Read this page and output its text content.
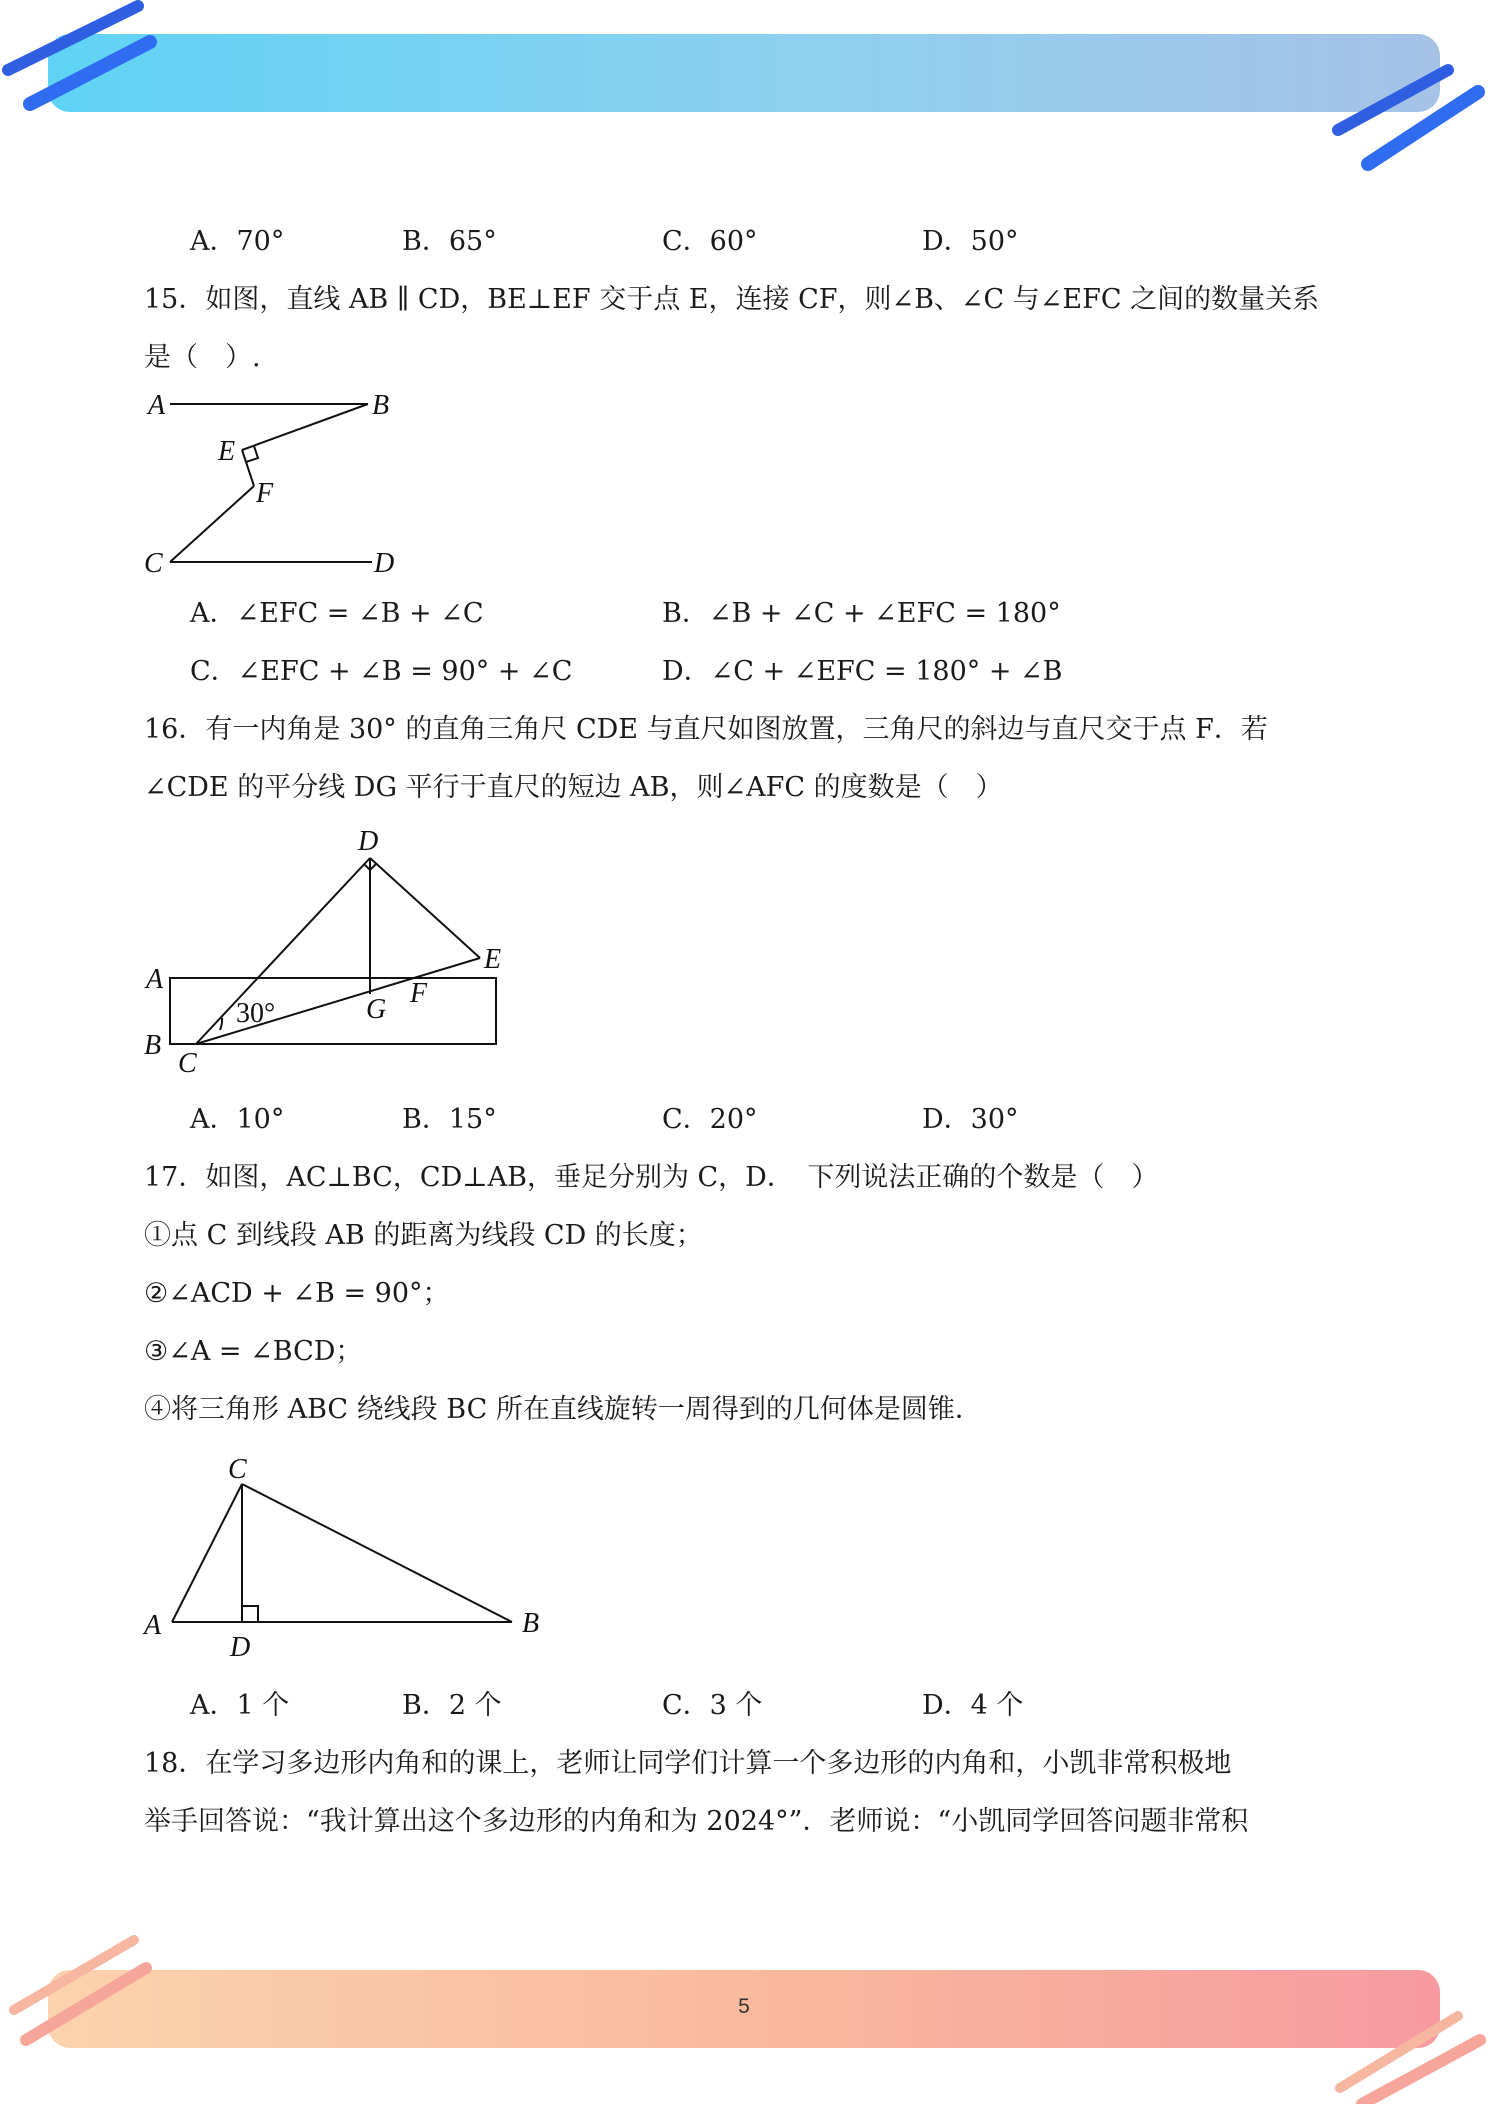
A．70°	B．65°	C．60°	D．50°
15．如图，直线 AB ∥ CD，BE⊥EF 交于点 E，连接 CF，则∠B、∠C 与∠EFC 之间的数量关系
是（　）.
A	B
E
F
C	D
A．∠EFC = ∠B + ∠C	B．∠B + ∠C + ∠EFC = 180°
C．∠EFC + ∠B = 90° + ∠C	D．∠C + ∠EFC = 180° + ∠B
16．有一内角是 30° 的直角三角尺 CDE 与直尺如图放置，三角尺的斜边与直尺交于点 F．若
∠CDE 的平分线 DG 平行于直尺的短边 AB，则∠AFC 的度数是（　）
D
A
E
30°	G
F
B
C
A．10°	B．15°	C．20°	D．30°
17．如图，AC⊥BC，CD⊥AB，垂足分别为 C，D．　下列说法正确的个数是（　）
①点 C 到线段 AB 的距离为线段 CD 的长度；
②∠ACD + ∠B = 90°；
③∠A = ∠BCD；
④将三角形 ABC 绕线段 BC 所在直线旋转一周得到的几何体是圆锥．
C
A
D
B
A．1 个	B．2 个	C．3 个	D．4 个
18．在学习多边形内角和的课上，老师让同学们计算一个多边形的内角和，小凯非常积极地
举手回答说：“我计算出这个多边形的内角和为 2024°”．老师说：“小凯同学回答问题非常积
5
